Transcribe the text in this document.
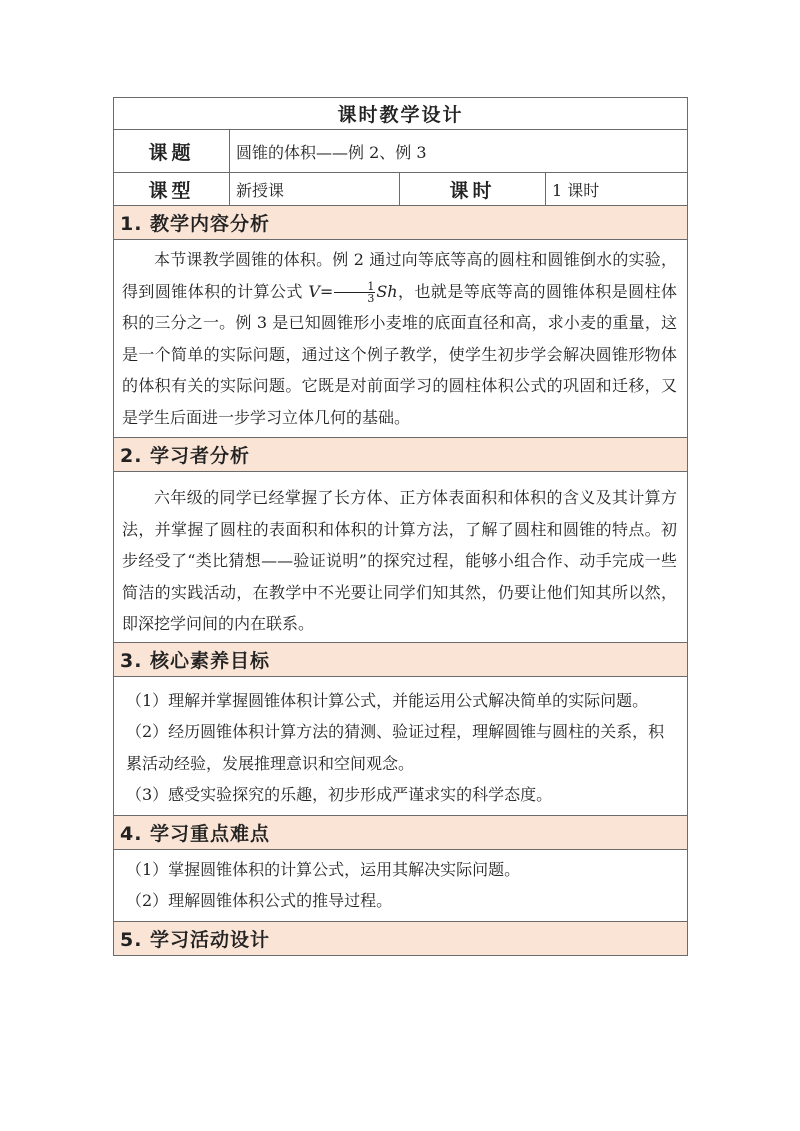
课时教学设计			
课题	圆锥的体积——例 2、例 3		
课型	新授课	课时	1 课时
1. 教学内容分析			

本节课教学圆锥的体积。例 2 通过向等底等高的圆柱和圆锥倒水的实验，得到圆锥体积的计算公式 $V= \frac{1}{3}$ Sh，也就是等底等高的圆锥体积是圆柱体积的三分之一。例 3 是已知圆锥形小麦堆的底面直径和高，求小麦的重量，这是一个简单的实际问题，通过这个例子教学，使学生初步学会解决圆锥形物体的体积有关的实际问题。它既是对前面学习的圆柱体积公式的巩固和迁移，又是学生后面进一步学习立体几何的基础。			

2. 学习者分析			

六年级的同学已经掌握了长方体、正方体表面积和体积的含义及其计算方法，并掌握了圆柱的表面积和体积的计算方法，了解了圆柱和圆锥的特点。初步经受了“类比猜想——验证说明”的探究过程，能够小组合作、动手完成一些简洁的实践活动，在教学中不光要让同学们知其然，仍要让他们知其所以然，即深挖学问间的内在联系。			

3. 核心素养目标			

（1）理解并掌握圆锥体积计算公式，并能运用公式解决简单的实际问题。

（2）经历圆锥体积计算方法的猜测、验证过程，理解圆锥与圆柱的关系，积累活动经验，发展推理意识和空间观念。

（3）感受实验探究的乐趣，初步形成严谨求实的科学态度。			

4. 学习重点难点			

（1）掌握圆锥体积的计算公式，运用其解决实际问题。

（2）理解圆锥体积公式的推导过程。			

5. 学习活动设计			
